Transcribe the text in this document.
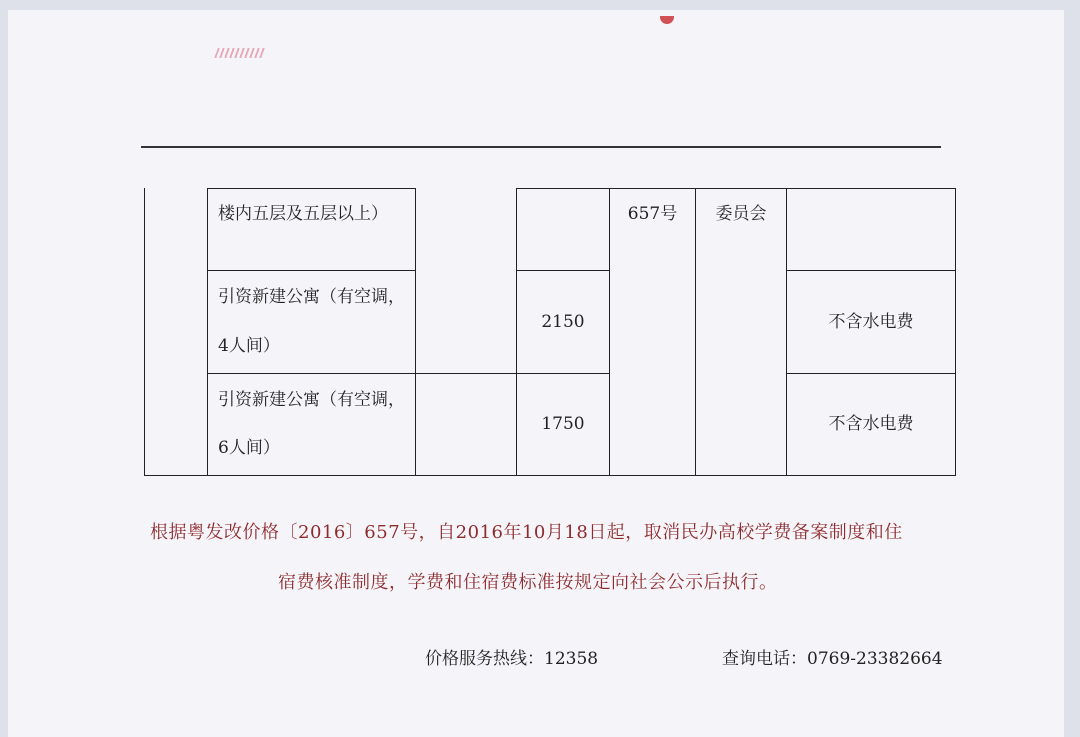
楼内五层及五层以上）	657号	委员会
引资新建公寓（有空调，
4人间）
2150	不含水电费
引资新建公寓（有空调，
6人间）
1750	不含水电费
根据粤发改价格〔2016〕657号，自2016年10月18日起，取消民办高校学费备案制度和住
宿费核准制度，学费和住宿费标准按规定向社会公示后执行。
价格服务热线：12358	查询电话：0769-23382664
